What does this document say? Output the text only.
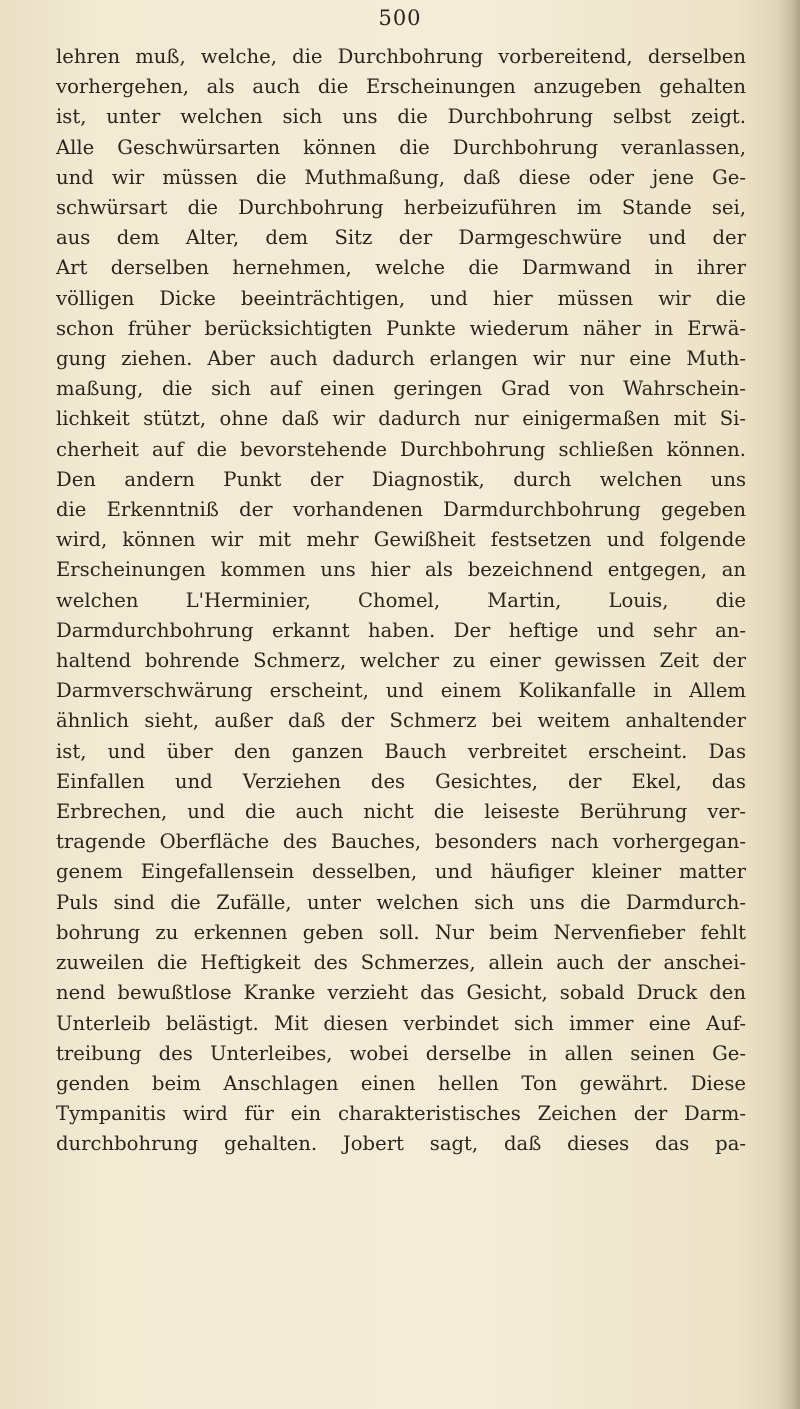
500
lehren muß, welche, die Durchbohrung vorbereitend, derselben
vorhergehen, als auch die Erscheinungen anzugeben gehalten
ist, unter welchen sich uns die Durchbohrung selbst zeigt.
Alle Geschwürsarten können die Durchbohrung veranlassen,
und wir müssen die Muthmaßung, daß diese oder jene Ge-
schwürsart die Durchbohrung herbeizuführen im Stande sei,
aus dem Alter, dem Sitz der Darmgeschwüre und der
Art derselben hernehmen, welche die Darmwand in ihrer
völligen Dicke beeinträchtigen, und hier müssen wir die
schon früher berücksichtigten Punkte wiederum näher in Erwä-
gung ziehen. Aber auch dadurch erlangen wir nur eine Muth-
maßung, die sich auf einen geringen Grad von Wahrschein-
lichkeit stützt, ohne daß wir dadurch nur einigermaßen mit Si-
cherheit auf die bevorstehende Durchbohrung schließen können.
Den andern Punkt der Diagnostik, durch welchen uns
die Erkenntniß der vorhandenen Darmdurchbohrung gegeben
wird, können wir mit mehr Gewißheit festsetzen und folgende
Erscheinungen kommen uns hier als bezeichnend entgegen, an
welchen L'Herminier, Chomel, Martin, Louis, die
Darmdurchbohrung erkannt haben. Der heftige und sehr an-
haltend bohrende Schmerz, welcher zu einer gewissen Zeit der
Darmverschwärung erscheint, und einem Kolikanfalle in Allem
ähnlich sieht, außer daß der Schmerz bei weitem anhaltender
ist, und über den ganzen Bauch verbreitet erscheint. Das
Einfallen und Verziehen des Gesichtes, der Ekel, das
Erbrechen, und die auch nicht die leiseste Berührung ver-
tragende Oberfläche des Bauches, besonders nach vorhergegan-
genem Eingefallensein desselben, und häufiger kleiner matter
Puls sind die Zufälle, unter welchen sich uns die Darmdurch-
bohrung zu erkennen geben soll. Nur beim Nervenfieber fehlt
zuweilen die Heftigkeit des Schmerzes, allein auch der anschei-
nend bewußtlose Kranke verzieht das Gesicht, sobald Druck den
Unterleib belästigt. Mit diesen verbindet sich immer eine Auf-
treibung des Unterleibes, wobei derselbe in allen seinen Ge-
genden beim Anschlagen einen hellen Ton gewährt. Diese
Tympanitis wird für ein charakteristisches Zeichen der Darm-
durchbohrung gehalten. Jobert sagt, daß dieses das pa-
